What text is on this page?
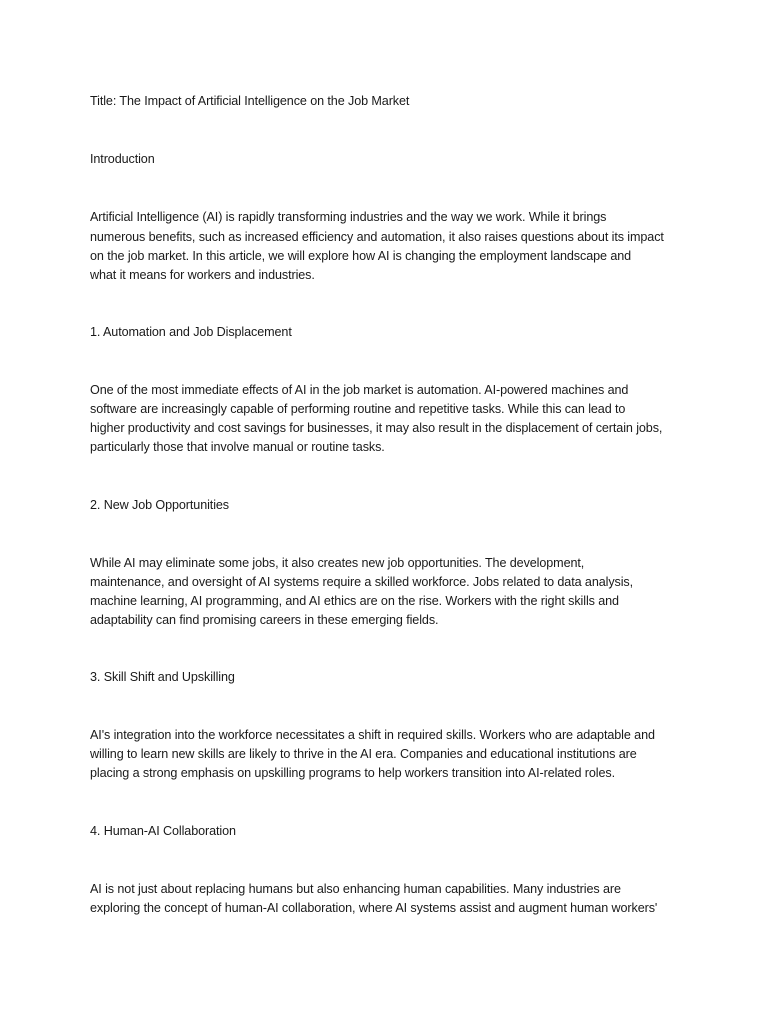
Title: The Impact of Artificial Intelligence on the Job Market
Introduction
Artificial Intelligence (AI) is rapidly transforming industries and the way we work. While it brings
numerous benefits, such as increased efficiency and automation, it also raises questions about its impact
on the job market. In this article, we will explore how AI is changing the employment landscape and
what it means for workers and industries.
1. Automation and Job Displacement
One of the most immediate effects of AI in the job market is automation. AI-powered machines and
software are increasingly capable of performing routine and repetitive tasks. While this can lead to
higher productivity and cost savings for businesses, it may also result in the displacement of certain jobs,
particularly those that involve manual or routine tasks.
2. New Job Opportunities
While AI may eliminate some jobs, it also creates new job opportunities. The development,
maintenance, and oversight of AI systems require a skilled workforce. Jobs related to data analysis,
machine learning, AI programming, and AI ethics are on the rise. Workers with the right skills and
adaptability can find promising careers in these emerging fields.
3. Skill Shift and Upskilling
AI's integration into the workforce necessitates a shift in required skills. Workers who are adaptable and
willing to learn new skills are likely to thrive in the AI era. Companies and educational institutions are
placing a strong emphasis on upskilling programs to help workers transition into AI-related roles.
4. Human-AI Collaboration
AI is not just about replacing humans but also enhancing human capabilities. Many industries are
exploring the concept of human-AI collaboration, where AI systems assist and augment human workers'
